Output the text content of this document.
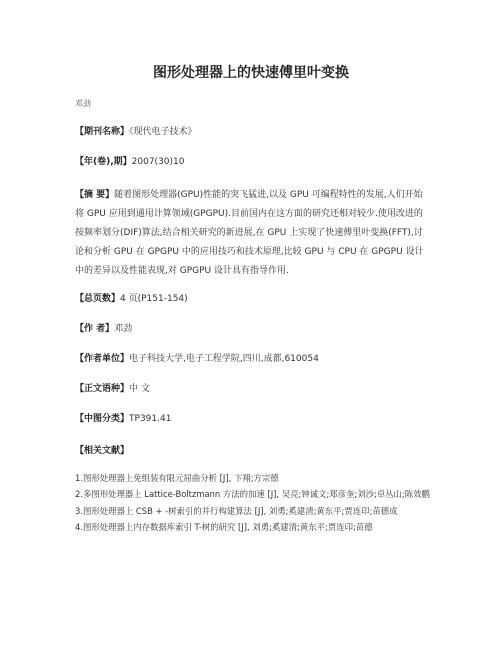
图形处理器上的快速傅里叶变换
邓劲
【期刊名称】《现代电子技术》
【年(卷),期】2007(30)10
【摘 要】随着图形处理器(GPU)性能的突飞猛进,以及 GPU 可编程特性的发展,人们开始将 GPU 应用到通用计算领域(GPGPU).目前国内在这方面的研究还相对较少.使用改进的按频率划分(DIF)算法,结合相关研究的新进展,在 GPU 上实现了快速傅里叶变换(FFT),讨论和分析 GPU 在 GPGPU 中的应用技巧和技术原理,比较 GPU 与 CPU 在 GPGPU 设计中的差异以及性能表现,对 GPGPU 设计具有指导作用.
【总页数】4 页(P151-154)
【作 者】邓劲
【作者单位】电子科技大学,电子工程学院,四川,成都,610054
【正文语种】中 文
【中图分类】TP391.41
【相关文献】

1.图形处理器上免组装有限元屈曲分析 [J], 卞翔;方宗德

2.多图形处理器上 Lattice-Boltzmann 方法的加速 [J], 吴亮;钟诚文;郑彦奎;刘沙;卓丛山;陈效鹏

3.图形处理器上 CSB + -树索引的并行构建算法 [J], 刘勇;奚建清;黄东平;贾连印;苗德成

4.图形处理器上内存数据库索引 T-树的研究 [J], 刘勇;奚建清;黄东平;贾连印;苗德
